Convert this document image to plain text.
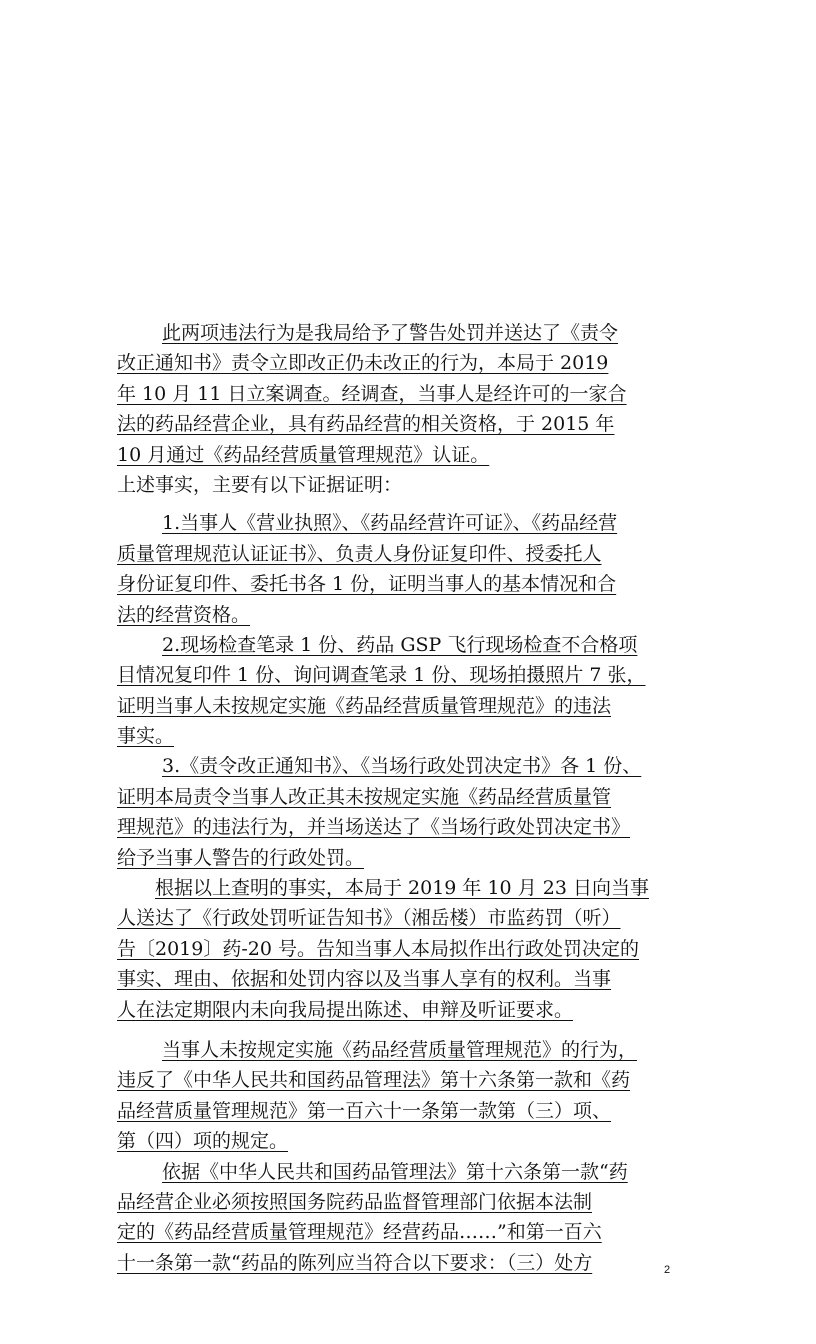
此两项违法行为是我局给予了警告处罚并送达了《责令
改正通知书》责令立即改正仍未改正的行为，本局于 2019
年 10 月 11 日立案调查。经调查，当事人是经许可的一家合
法的药品经营企业，具有药品经营的相关资格，于 2015 年
10 月通过《药品经营质量管理规范》认证。
上述事实，主要有以下证据证明：
1.当事人《营业执照》、《药品经营许可证》、《药品经营
质量管理规范认证证书》、负责人身份证复印件、授委托人
身份证复印件、委托书各 1 份，证明当事人的基本情况和合
法的经营资格。
2.现场检查笔录 1 份、药品 GSP 飞行现场检查不合格项
目情况复印件 1 份、询问调查笔录 1 份、现场拍摄照片 7 张，
证明当事人未按规定实施《药品经营质量管理规范》的违法
事实。
3.《责令改正通知书》、《当场行政处罚决定书》各 1 份、
证明本局责令当事人改正其未按规定实施《药品经营质量管
理规范》的违法行为，并当场送达了《当场行政处罚决定书》
给予当事人警告的行政处罚。
根据以上查明的事实，本局于 2019 年 10 月 23 日向当事
人送达了《行政处罚听证告知书》（湘岳楼）市监药罚（听）
告〔2019〕药-20 号。告知当事人本局拟作出行政处罚决定的
事实、理由、依据和处罚内容以及当事人享有的权利。当事
人在法定期限内未向我局提出陈述、申辩及听证要求。
当事人未按规定实施《药品经营质量管理规范》的行为，
违反了《中华人民共和国药品管理法》第十六条第一款和《药
品经营质量管理规范》第一百六十一条第一款第（三）项、
第（四）项的规定。
依据《中华人民共和国药品管理法》第十六条第一款“药
品经营企业必须按照国务院药品监督管理部门依据本法制
定的《药品经营质量管理规范》经营药品……”和第一百六
十一条第一款“药品的陈列应当符合以下要求：（三）处方	2
